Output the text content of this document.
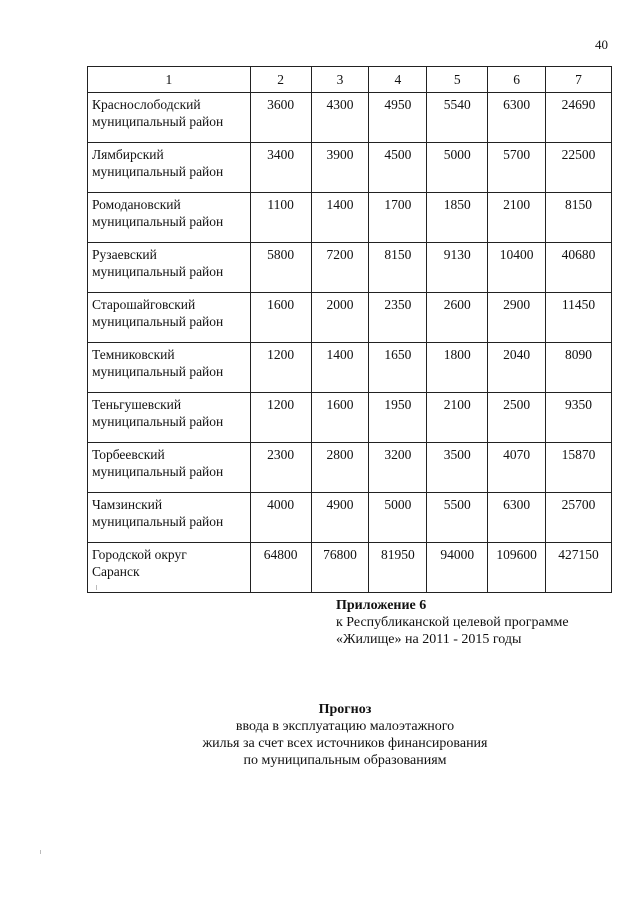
40
1	2	3	4	5	6	7

Краснослободский
муниципальный район	3600	4300	4950	5540	6300	24690

Лямбирский
муниципальный район	3400	3900	4500	5000	5700	22500

Ромодановский
муниципальный район	1100	1400	1700	1850	2100	8150

Рузаевский
муниципальный район	5800	7200	8150	9130	10400	40680

Старошайговский
муниципальный район	1600	2000	2350	2600	2900	11450

Темниковский
муниципальный район	1200	1400	1650	1800	2040	8090

Теньгушевский
муниципальный район	1200	1600	1950	2100	2500	9350

Торбеевский
муниципальный район	2300	2800	3200	3500	4070	15870

Чамзинский
муниципальный район	4000	4900	5000	5500	6300	25700

Городской округ
Саранск	64800	76800	81950	94000	109600	427150
Приложение 6
к Республиканской целевой программе
«Жилище» на 2011 - 2015 годы
Прогноз
ввода в эксплуатацию малоэтажного
жилья за счет всех источников финансирования
по муниципальным образованиям
